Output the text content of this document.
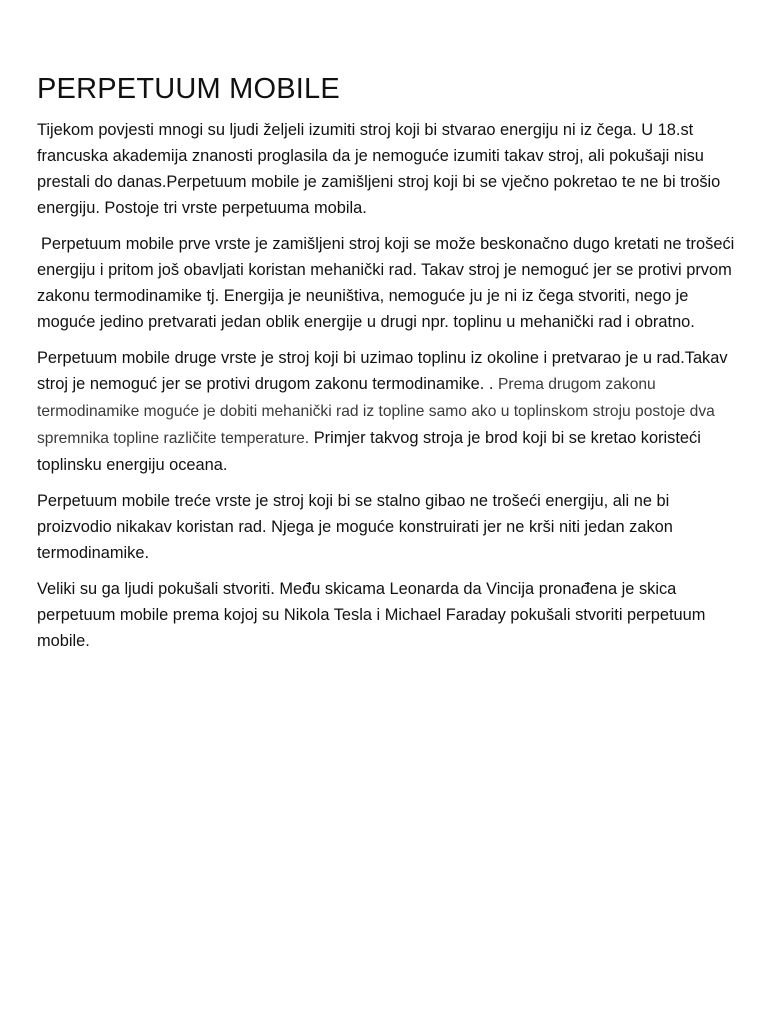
PERPETUUM MOBILE

Tijekom povjesti mnogi su ljudi željeli izumiti stroj koji bi stvarao energiju ni iz čega. U 18.st francuska akademija znanosti proglasila da je nemoguće izumiti takav stroj, ali pokušaji nisu prestali do danas.Perpetuum mobile je zamišljeni stroj koji bi se vječno pokretao te ne bi trošio energiju. Postoje tri vrste perpetuuma mobila.

Perpetuum mobile prve vrste je zamišljeni stroj koji se može beskonačno dugo kretati ne trošeći energiju i pritom još obavljati koristan mehanički rad. Takav stroj je nemoguć jer se protivi prvom zakonu termodinamike tj. Energija je neuništiva, nemoguće ju je ni iz čega stvoriti, nego je moguće jedino pretvarati jedan oblik energije u drugi npr. toplinu u mehanički rad i obratno.

Perpetuum mobile druge vrste je stroj koji bi uzimao toplinu iz okoline i pretvarao je u rad.Takav stroj je nemoguć jer se protivi drugom zakonu termodinamike. . Prema drugom zakonu termodinamike moguće je dobiti mehanički rad iz topline samo ako u toplinskom stroju postoje dva spremnika topline različite temperature. Primjer takvog stroja je brod koji bi se kretao koristeći toplinsku energiju oceana.

Perpetuum mobile treće vrste je stroj koji bi se stalno gibao ne trošeći energiju, ali ne bi proizvodio nikakav koristan rad. Njega je moguće konstruirati jer ne krši niti jedan zakon termodinamike.

Veliki su ga ljudi pokušali stvoriti. Među skicama Leonarda da Vincija pronađena je skica perpetuum mobile prema kojoj su Nikola Tesla i Michael Faraday pokušali stvoriti perpetuum mobile.
